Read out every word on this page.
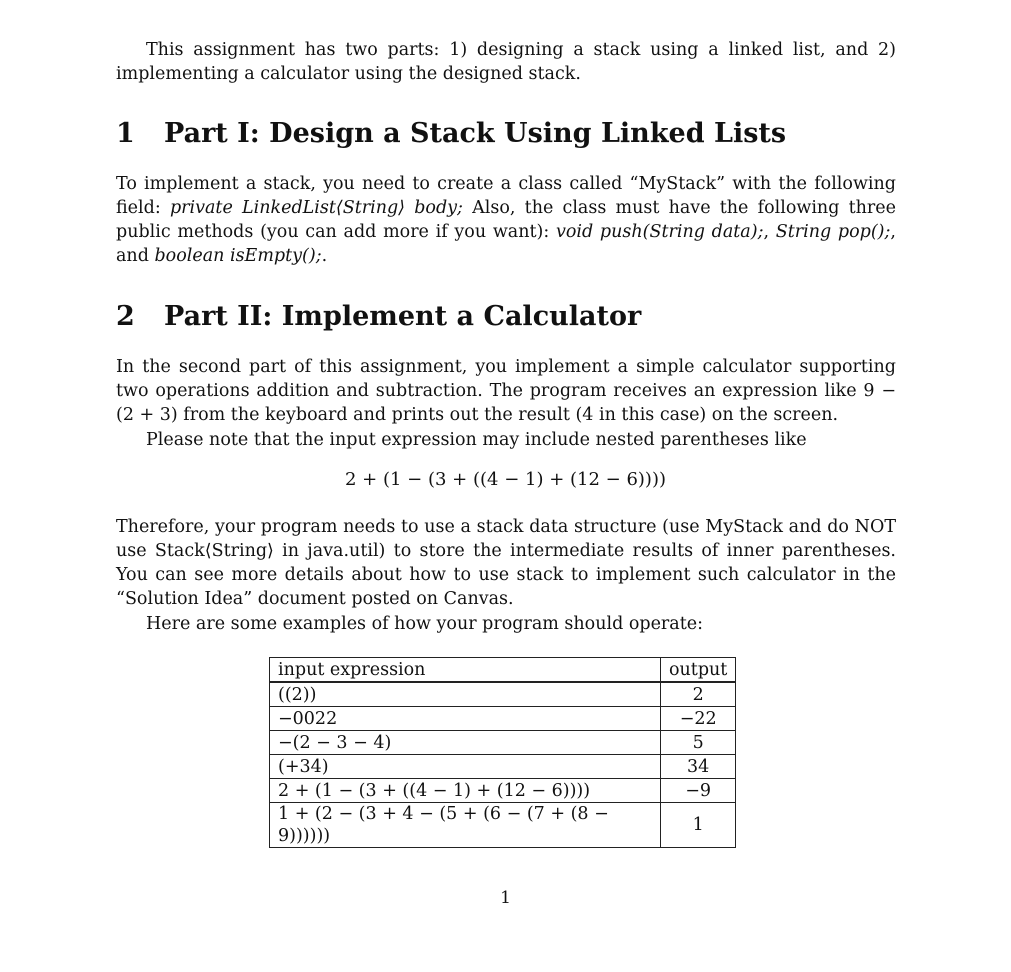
This assignment has two parts: 1) designing a stack using a linked list, and 2) implementing a calculator using the designed stack.

1 Part I: Design a Stack Using Linked Lists

To implement a stack, you need to create a class called “MyStack” with the following field: private LinkedList⟨String⟩ body; Also, the class must have the following three public methods (you can add more if you want): void push(String data);, String pop();, and boolean isEmpty();.

2 Part II: Implement a Calculator

In the second part of this assignment, you implement a simple calculator supporting two operations addition and subtraction. The program receives an expression like 9 − (2 + 3) from the keyboard and prints out the result (4 in this case) on the screen.

Please note that the input expression may include nested parentheses like

2 + (1 − (3 + ((4 − 1) + (12 − 6))))

Therefore, your program needs to use a stack data structure (use MyStack and do NOT use Stack⟨String⟩ in java.util) to store the intermediate results of inner parentheses. You can see more details about how to use stack to implement such calculator in the “Solution Idea” document posted on Canvas.

Here are some examples of how your program should operate:

input expression	output
((2))	2
−0022	−22
−(2 − 3 − 4)	5
(+34)	34
2 + (1 − (3 + ((4 − 1) + (12 − 6))))	−9
1 + (2 − (3 + 4 − (5 + (6 − (7 + (8 − 9))))))	1
1
